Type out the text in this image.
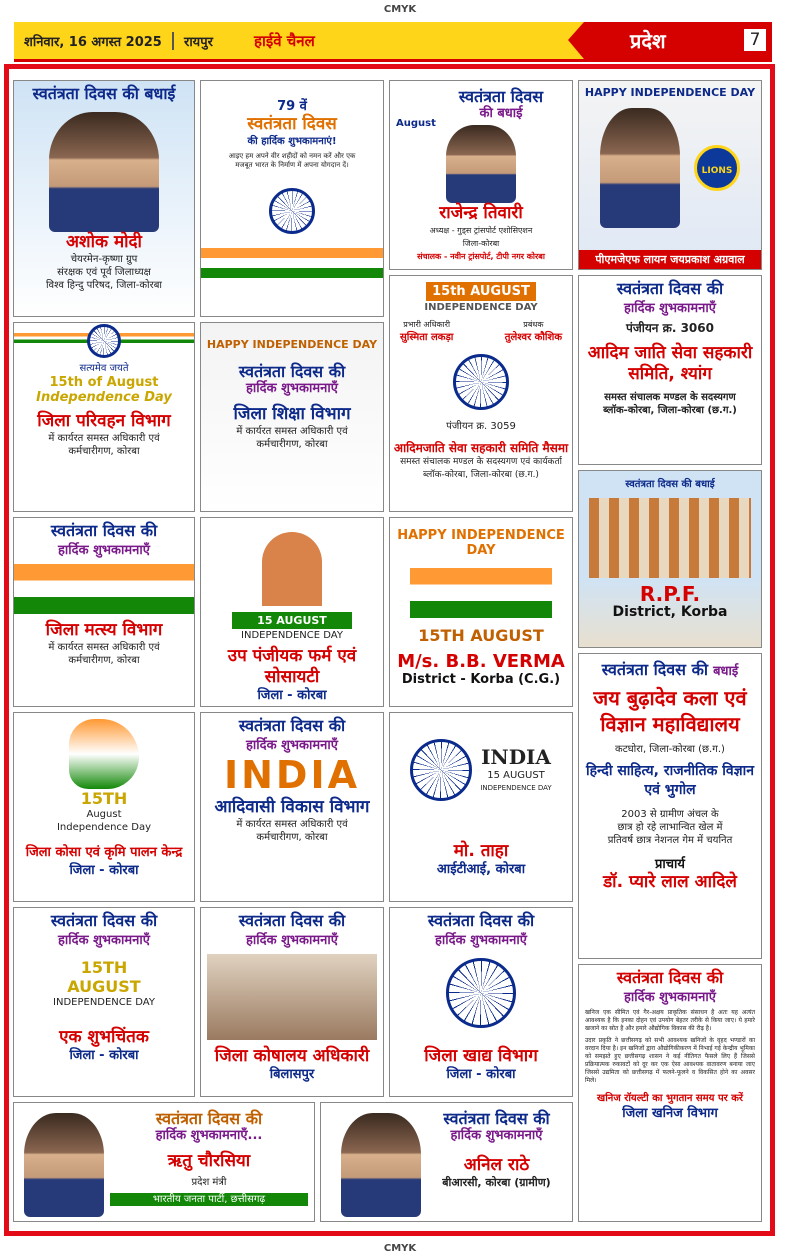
CMYK
शनिवार, 16 अगस्त 2025	रायपुर	हाईवे चैनल	प्रदेश	7
स्वतंत्रता दिवस की बधाई
अशोक मोदी
चेयरमेन-कृष्णा ग्रुप
संरक्षक एवं पूर्व जिलाध्यक्ष
विश्व हिन्दु परिषद, जिला-कोरबा
सत्यमेव जयते
15th of August
Independence Day
जिला परिवहन विभाग
में कार्यरत समस्त अधिकारी एवं
कर्मचारीगण, कोरबा
स्वतंत्रता दिवस की
हार्दिक शुभकामनाएँ
जिला मत्स्य विभाग
में कार्यरत समस्त अधिकारी एवं
कर्मचारीगण, कोरबा
15TH
August
Independence Day
जिला कोसा एवं कृमि पालन केन्द्र
जिला - कोरबा
स्वतंत्रता दिवस की
हार्दिक शुभकामनाएँ
15TH
AUGUST
INDEPENDENCE DAY
एक शुभचिंतक
जिला - कोरबा
79 वें
स्वतंत्रता दिवस
की हार्दिक शुभकामनाएं!
आइए हम अपने वीर शहीदों को नमन करें और एक मजबूत भारत के निर्माण में अपना योगदान दें।
HAPPY INDEPENDENCE DAY
स्वतंत्रता दिवस की
हार्दिक शुभकामनाएँ
जिला शिक्षा विभाग
में कार्यरत समस्त अधिकारी एवं
कर्मचारीगण, कोरबा
15 AUGUST
INDEPENDENCE DAY
उप पंजीयक फर्म एवं सोसायटी
जिला - कोरबा
स्वतंत्रता दिवस की
हार्दिक शुभकामनाएँ
INDIA
आदिवासी विकास विभाग
में कार्यरत समस्त अधिकारी एवं
कर्मचारीगण, कोरबा
स्वतंत्रता दिवस की
हार्दिक शुभकामनाएँ
जिला कोषालय अधिकारी
बिलासपुर
स्वतंत्रता दिवस
की बधाई
August
राजेन्द्र तिवारी
अध्यक्ष - गुड्स ट्रांसपोर्ट एशोसिएशन
जिला-कोरबा
संचालक - नवीन ट्रांसपोर्ट, टीपी नगर कोरबा
15th AUGUST
INDEPENDENCE DAY
प्रभारी अधिकारी
सुस्मिता लकड़ा
प्रबंधक
तुलेश्वर कौशिक
पंजीयन क्र. 3059
आदिमजाति सेवा सहकारी समिति मैसमा
समस्त संचालक मण्डल के सदस्यगण एवं कार्यकर्ता
ब्लॉक-कोरबा, जिला-कोरबा (छ.ग.)
HAPPY INDEPENDENCE DAY
15TH AUGUST
M/s. B.B. VERMA
District - Korba (C.G.)
INDIA
15 AUGUST
INDEPENDENCE DAY
मो. ताहा
आईटीआई, कोरबा
स्वतंत्रता दिवस की
हार्दिक शुभकामनाएँ
जिला खाद्य विभाग
जिला - कोरबा
HAPPY INDEPENDENCE DAY
LIONS
पीएमजेएफ लायन जयप्रकाश अग्रवाल
स्वतंत्रता दिवस की
हार्दिक शुभकामनाएँ
पंजीयन क्र. 3060
आदिम जाति सेवा सहकारी समिति, श्यांग
समस्त संचालक मण्डल के सदस्यगण
ब्लॉक-कोरबा, जिला-कोरबा (छ.ग.)
स्वतंत्रता दिवस की बधाई
R.P.F.
District, Korba
स्वतंत्रता दिवस की बधाई
जय बुढ़ादेव कला एवं विज्ञान महाविद्यालय
कटघोरा, जिला-कोरबा (छ.ग.)
हिन्दी साहित्य, राजनीतिक विज्ञान एवं भुगोल
2003 से ग्रामीण अंचल के
छात्र हो रहे लाभान्वित खेल में
प्रतिवर्ष छात्र नेशनल गेम में चयनित
प्राचार्य
डॉ. प्यारे लाल आदिले
स्वतंत्रता दिवस की
हार्दिक शुभकामनाएँ
खनिज एक सीमित एवं गैर-अक्षय प्राकृतिक संसाधन है अतः यह अत्यंत आवश्यक है कि इनका दोहन एवं उपयोग बेहतर तरीके से किया जाए। ये हमारे खजाने का स्रोत है और हमारे औद्योगिक विकास की रीढ़ है।
उदार प्रकृति ने छत्तीसगढ़ को सभी आवश्यक खनिजों के वृहद भण्डारों का वरदान दिया है। इन खनिजों द्वारा औद्योगिकीकरण में निभाई गई केन्द्रीय भूमिका को समझते हुए छत्तीसगढ़ शासन ने कई नीतिगत फैसले लिए हैं जिससे प्रक्रियात्मक रुकावटों को दूर कर एक ऐसा आवश्यक वातावरण बनाया जाए जिससे उद्यमिता को छत्तीसगढ़ में फलने-फूलने व विकसित होने का अवसर मिले।
खनिज रॉयल्टी का भुगतान समय पर करें
जिला खनिज विभाग
स्वतंत्रता दिवस की
हार्दिक शुभकामनाएँ...
ऋतु चौरसिया
प्रदेश मंत्री
भारतीय जनता पार्टी, छत्तीसगढ़
स्वतंत्रता दिवस की
हार्दिक शुभकामनाएँ
अनिल राठे
बीआरसी, कोरबा (ग्रामीण)
CMYK
